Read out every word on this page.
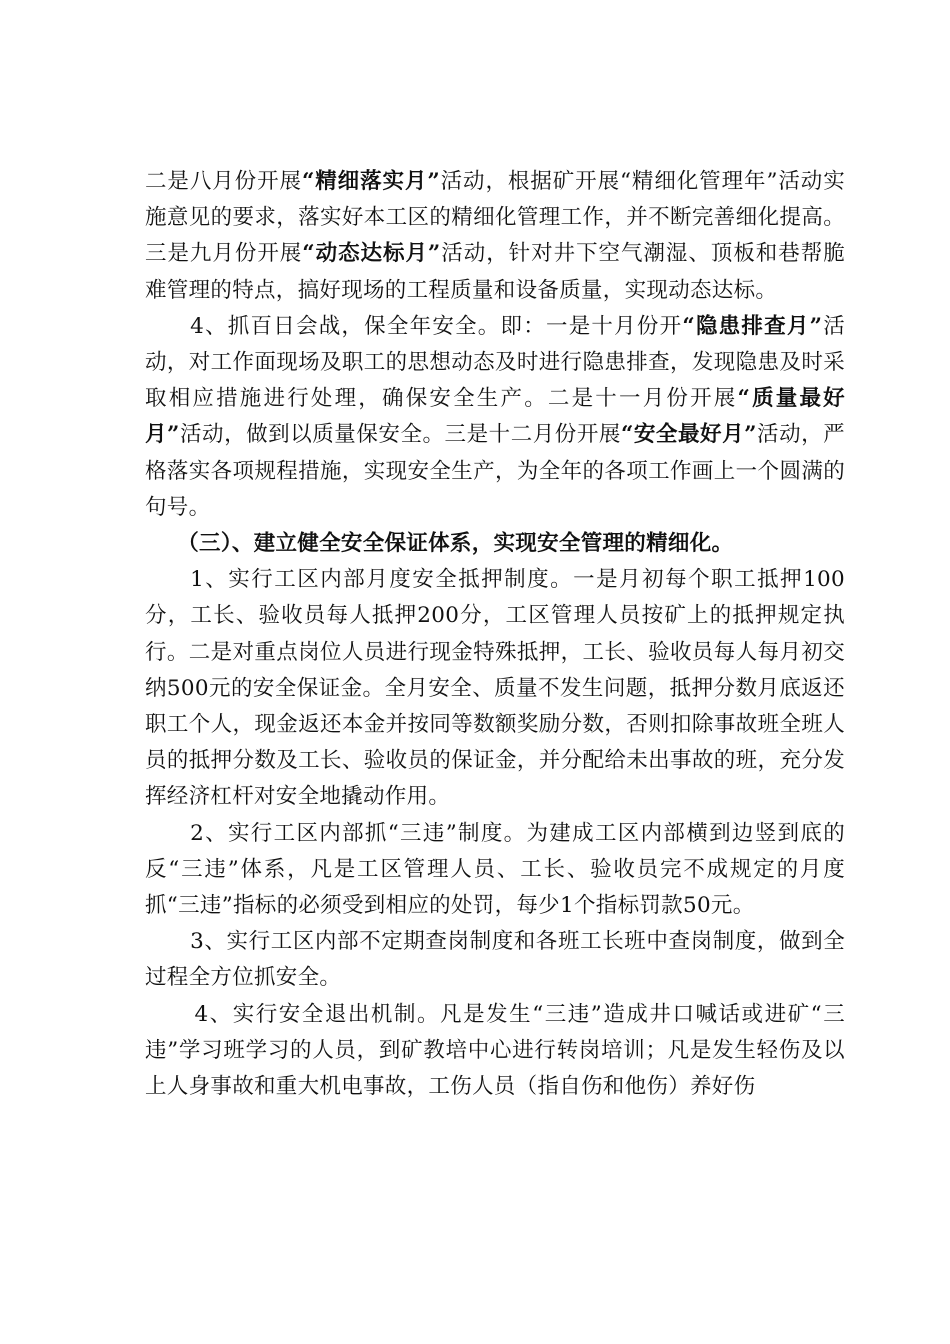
二是八月份开展“精细落实月”活动，根据矿开展“精细化管理年”活动实施意见的要求，落实好本工区的精细化管理工作，并不断完善细化提高。三是九月份开展“动态达标月”活动，针对井下空气潮湿、顶板和巷帮脆难管理的特点，搞好现场的工程质量和设备质量，实现动态达标。

4、抓百日会战，保全年安全。即：一是十月份开“隐患排查月”活动，对工作面现场及职工的思想动态及时进行隐患排查，发现隐患及时采取相应措施进行处理，确保安全生产。二是十一月份开展“质量最好月”活动，做到以质量保安全。三是十二月份开展“安全最好月”活动，严格落实各项规程措施，实现安全生产，为全年的各项工作画上一个圆满的句号。

（三）、建立健全安全保证体系，实现安全管理的精细化。

1、实行工区内部月度安全抵押制度。一是月初每个职工抵押100分，工长、验收员每人抵押200分，工区管理人员按矿上的抵押规定执行。二是对重点岗位人员进行现金特殊抵押，工长、验收员每人每月初交纳500元的安全保证金。全月安全、质量不发生问题，抵押分数月底返还职工个人，现金返还本金并按同等数额奖励分数，否则扣除事故班全班人员的抵押分数及工长、验收员的保证金，并分配给未出事故的班，充分发挥经济杠杆对安全地撬动作用。

2、实行工区内部抓“三违”制度。为建成工区内部横到边竖到底的反“三违”体系，凡是工区管理人员、工长、验收员完不成规定的月度抓“三违”指标的必须受到相应的处罚，每少1个指标罚款50元。

3、实行工区内部不定期查岗制度和各班工长班中查岗制度，做到全过程全方位抓安全。

4、实行安全退出机制。凡是发生“三违”造成井口喊话或进矿“三违”学习班学习的人员，到矿教培中心进行转岗培训；凡是发生轻伤及以上人身事故和重大机电事故，工伤人员（指自伤和他伤）养好伤
